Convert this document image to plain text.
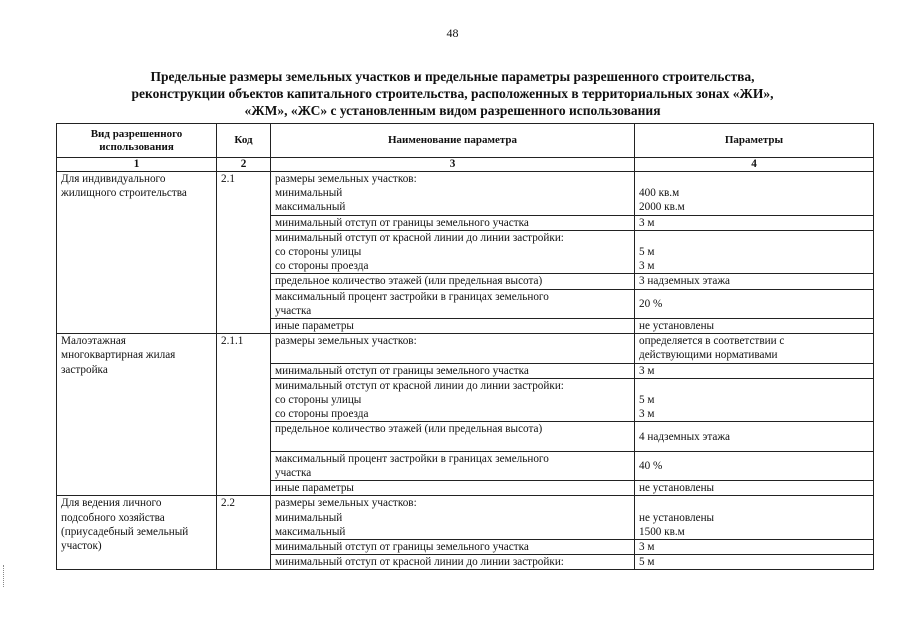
48
Предельные размеры земельных участков и предельные параметры разрешенного строительства,
реконструкции объектов капитального строительства, расположенных в территориальных зонах «ЖИ»,
«ЖМ», «ЖС» с установленным видом разрешенного использования
Вид разрешенного использования	Код	Наименование параметра	Параметры
1	2	3	4

Для индивидуального
жилищного строительства	2.1	размеры земельных участков:
минимальный
максимальный	400 кв.м
2000 кв.м

		минимальный отступ от границы земельного участка	3 м

		минимальный отступ от красной линии до линии застройки:
со стороны улицы
со стороны проезда	5 м
3 м

		предельное количество этажей (или предельная высота)	3 надземных этажа

		максимальный процент застройки в границах земельного
участка	20 %

		иные параметры	не установлены

Малоэтажная
многоквартирная жилая
застройка	2.1.1	размеры земельных участков:	определяется в соответствии с
действующими нормативами

		минимальный отступ от границы земельного участка	3 м

		минимальный отступ от красной линии до линии застройки:
со стороны улицы
со стороны проезда	5 м
3 м

		предельное количество этажей (или предельная высота)	4 надземных этажа

		максимальный процент застройки в границах земельного
участка	40 %

		иные параметры	не установлены

Для ведения личного
подсобного хозяйства
(приусадебный земельный
участок)	2.2	размеры земельных участков:
минимальный
максимальный	не установлены
1500 кв.м

		минимальный отступ от границы земельного участка	3 м

		минимальный отступ от красной линии до линии застройки:	5 м
